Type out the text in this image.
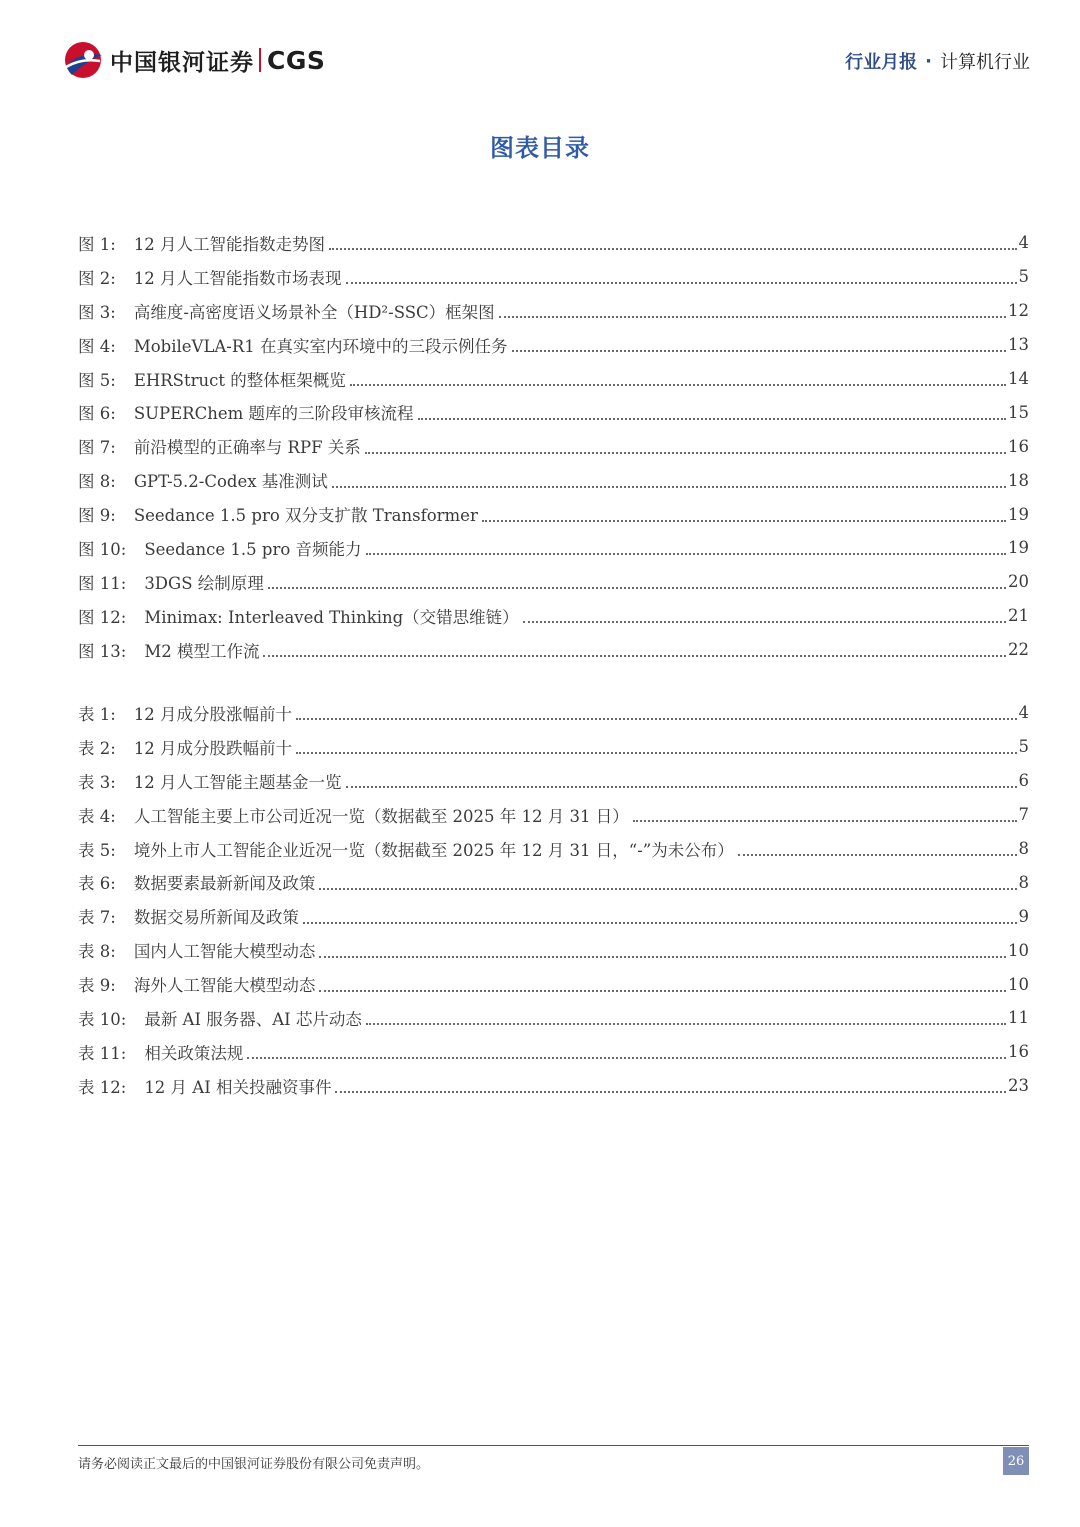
中国银河证券 CGS	行业月报 · 计算机行业
图表目录
图 1: 12 月人工智能指数走势图	4
图 2: 12 月人工智能指数市场表现	5
图 3: 高维度-高密度语义场景补全（HD²-SSC）框架图	12
图 4: MobileVLA-R1 在真实室内环境中的三段示例任务	13
图 5: EHRStruct 的整体框架概览	14
图 6: SUPERChem 题库的三阶段审核流程	15
图 7: 前沿模型的正确率与 RPF 关系	16
图 8: GPT-5.2-Codex 基准测试	18
图 9: Seedance 1.5 pro 双分支扩散 Transformer	19
图 10: Seedance 1.5 pro 音频能力	19
图 11: 3DGS 绘制原理	20
图 12: Minimax: Interleaved Thinking（交错思维链）	21
图 13: M2 模型工作流	22
表 1: 12 月成分股涨幅前十	4
表 2: 12 月成分股跌幅前十	5
表 3: 12 月人工智能主题基金一览	6
表 4: 人工智能主要上市公司近况一览（数据截至 2025 年 12 月 31 日）	7
表 5: 境外上市人工智能企业近况一览（数据截至 2025 年 12 月 31 日，“-”为未公布）	8
表 6: 数据要素最新新闻及政策	8
表 7: 数据交易所新闻及政策	9
表 8: 国内人工智能大模型动态	10
表 9: 海外人工智能大模型动态	10
表 10: 最新 AI 服务器、AI 芯片动态	11
表 11: 相关政策法规	16
表 12: 12 月 AI 相关投融资事件	23
请务必阅读正文最后的中国银河证券股份有限公司免责声明。	26
